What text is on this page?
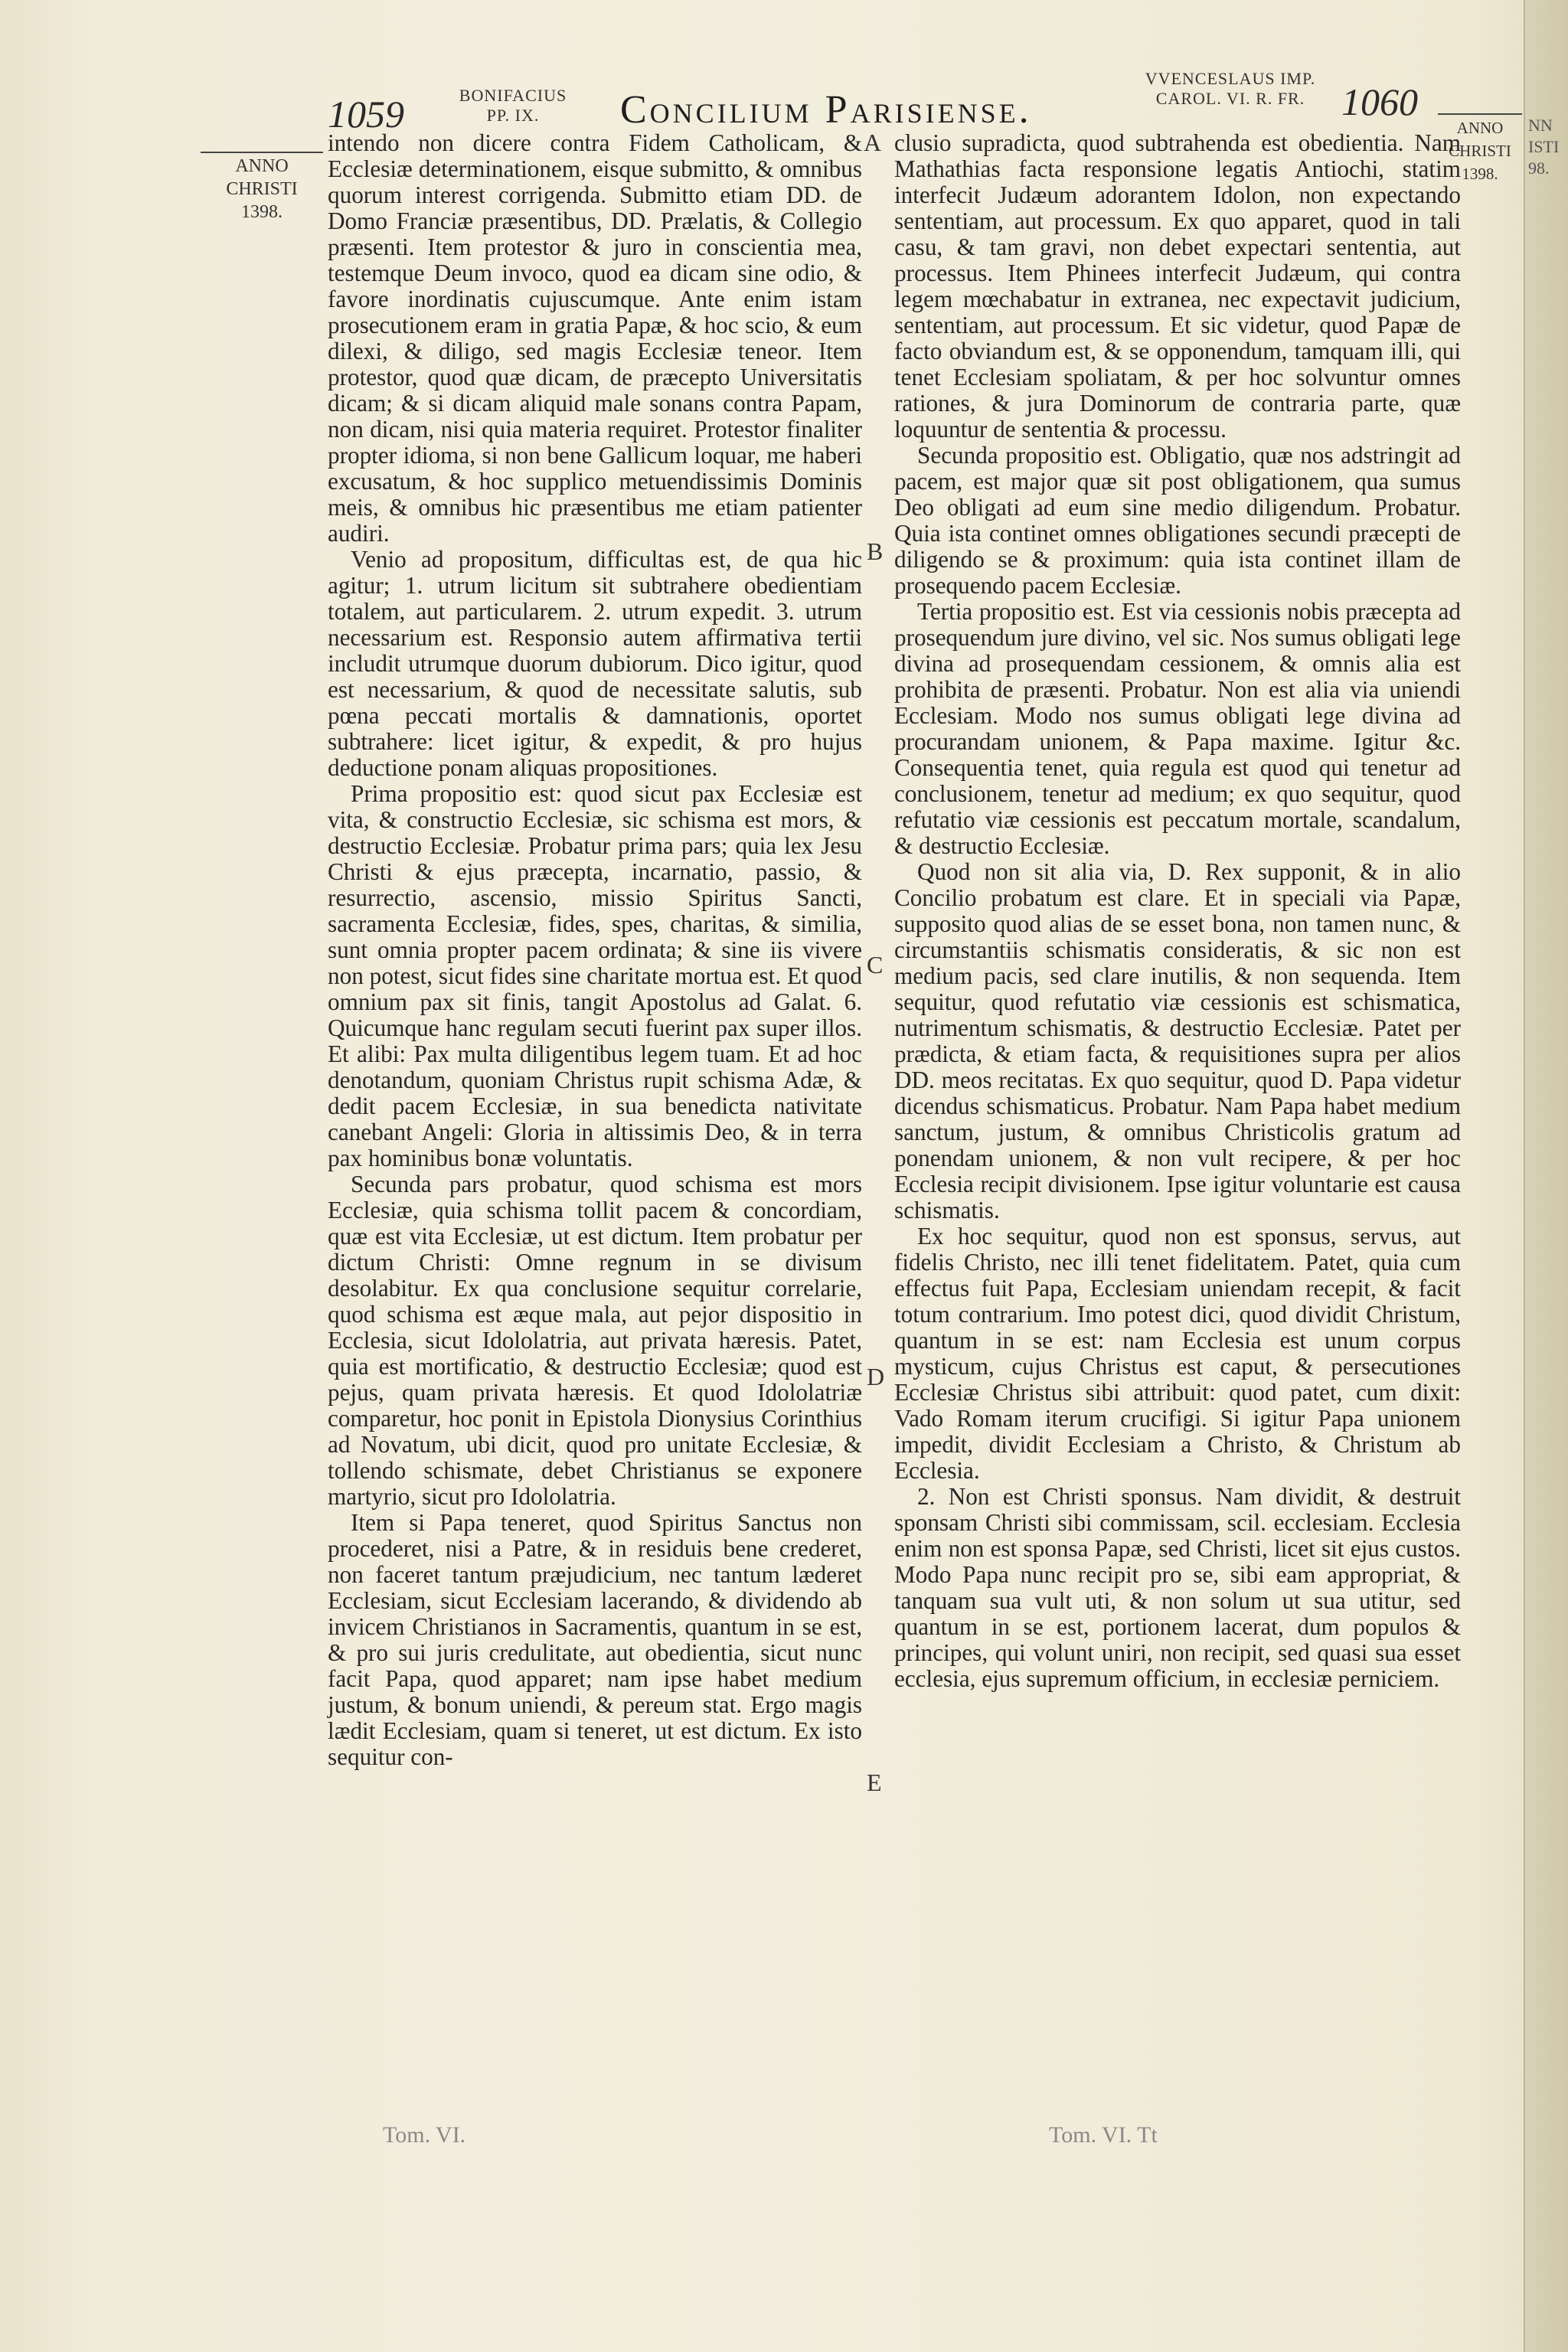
NN
ISTI
98.
1059	BONIFACIUS
PP. IX.	Concilium Parisiense.
VVENCESLAUS IMP.
CAROL. VI. R. FR. 1060
ANNO
CHRISTI
1398.
ANNO
CHRISTI
1398.
A
B
C
D
E

intendo non dicere contra Fidem Catholicam, & Ecclesiæ determinationem, eisque submitto, & omnibus quorum interest corrigenda. Submitto etiam DD. de Domo Franciæ præsentibus, DD. Prælatis, & Collegio præsenti. Item protestor & juro in conscientia mea, testemque Deum invoco, quod ea dicam sine odio, & favore inordinatis cujuscumque. Ante enim istam prosecutionem eram in gratia Papæ, & hoc scio, & eum dilexi, & diligo, sed magis Ecclesiæ teneor. Item protestor, quod quæ dicam, de præcepto Universitatis dicam; & si dicam aliquid male sonans contra Papam, non dicam, nisi quia materia requiret. Protestor finaliter propter idioma, si non bene Gallicum loquar, me haberi excusatum, & hoc supplico metuendissimis Dominis meis, & omnibus hic præsentibus me etiam patienter audiri.

Venio ad propositum, difficultas est, de qua hic agitur; 1. utrum licitum sit subtrahere obedientiam totalem, aut particularem. 2. utrum expedit. 3. utrum necessarium est. Responsio autem affirmativa tertii includit utrumque duorum dubiorum. Dico igitur, quod est necessarium, & quod de necessitate salutis, sub pœna peccati mortalis & damnationis, oportet subtrahere: licet igitur, & expedit, & pro hujus deductione ponam aliquas propositiones.

Prima propositio est: quod sicut pax Ecclesiæ est vita, & constructio Ecclesiæ, sic schisma est mors, & destructio Ecclesiæ. Probatur prima pars; quia lex Jesu Christi & ejus præcepta, incarnatio, passio, & resurrectio, ascensio, missio Spiritus Sancti, sacramenta Ecclesiæ, fides, spes, charitas, & similia, sunt omnia propter pacem ordinata; & sine iis vivere non potest, sicut fides sine charitate mortua est. Et quod omnium pax sit finis, tangit Apostolus ad Galat. 6. Quicumque hanc regulam secuti fuerint pax super illos. Et alibi: Pax multa diligentibus legem tuam. Et ad hoc denotandum, quoniam Christus rupit schisma Adæ, & dedit pacem Ecclesiæ, in sua benedicta nativitate canebant Angeli: Gloria in altissimis Deo, & in terra pax hominibus bonæ voluntatis.

Secunda pars probatur, quod schisma est mors Ecclesiæ, quia schisma tollit pacem & concordiam, quæ est vita Ecclesiæ, ut est dictum. Item probatur per dictum Christi: Omne regnum in se divisum desolabitur. Ex qua conclusione sequitur correlarie, quod schisma est æque mala, aut pejor dispositio in Ecclesia, sicut Idololatria, aut privata hæresis. Patet, quia est mortificatio, & destructio Ecclesiæ; quod est pejus, quam privata hæresis. Et quod Idololatriæ comparetur, hoc ponit in Epistola Dionysius Corinthius ad Novatum, ubi dicit, quod pro unitate Ecclesiæ, & tollendo schismate, debet Christianus se exponere martyrio, sicut pro Idololatria.

Item si Papa teneret, quod Spiritus Sanctus non procederet, nisi a Patre, & in residuis bene crederet, non faceret tantum præjudicium, nec tantum læderet Ecclesiam, sicut Ecclesiam lacerando, & dividendo ab invicem Christianos in Sacramentis, quantum in se est, & pro sui juris credulitate, aut obedientia, sicut nunc facit Papa, quod apparet; nam ipse habet medium justum, & bonum uniendi, & pereum stat. Ergo magis lædit Ecclesiam, quam si teneret, ut est dictum. Ex isto sequitur con-

clusio supradicta, quod subtrahenda est obedientia. Nam Mathathias facta responsione legatis Antiochi, statim interfecit Judæum adorantem Idolon, non expectando sententiam, aut processum. Ex quo apparet, quod in tali casu, & tam gravi, non debet expectari sententia, aut processus. Item Phinees interfecit Judæum, qui contra legem mœchabatur in extranea, nec expectavit judicium, sententiam, aut processum. Et sic videtur, quod Papæ de facto obviandum est, & se opponendum, tamquam illi, qui tenet Ecclesiam spoliatam, & per hoc solvuntur omnes rationes, & jura Dominorum de contraria parte, quæ loquuntur de sententia & processu.

Secunda propositio est. Obligatio, quæ nos adstringit ad pacem, est major quæ sit post obligationem, qua sumus Deo obligati ad eum sine medio diligendum. Probatur. Quia ista continet omnes obligationes secundi præcepti de diligendo se & proximum: quia ista continet illam de prosequendo pacem Ecclesiæ.

Tertia propositio est. Est via cessionis nobis præcepta ad prosequendum jure divino, vel sic. Nos sumus obligati lege divina ad prosequendam cessionem, & omnis alia est prohibita de præsenti. Probatur. Non est alia via uniendi Ecclesiam. Modo nos sumus obligati lege divina ad procurandam unionem, & Papa maxime. Igitur &c. Consequentia tenet, quia regula est quod qui tenetur ad conclusionem, tenetur ad medium; ex quo sequitur, quod refutatio viæ cessionis est peccatum mortale, scandalum, & destructio Ecclesiæ.

Quod non sit alia via, D. Rex supponit, & in alio Concilio probatum est clare. Et in speciali via Papæ, supposito quod alias de se esset bona, non tamen nunc, & circumstantiis schismatis consideratis, & sic non est medium pacis, sed clare inutilis, & non sequenda. Item sequitur, quod refutatio viæ cessionis est schismatica, nutrimentum schismatis, & destructio Ecclesiæ. Patet per prædicta, & etiam facta, & requisitiones supra per alios DD. meos recitatas. Ex quo sequitur, quod D. Papa videtur dicendus schismaticus. Probatur. Nam Papa habet medium sanctum, justum, & omnibus Christicolis gratum ad ponendam unionem, & non vult recipere, & per hoc Ecclesia recipit divisionem. Ipse igitur voluntarie est causa schismatis.

Ex hoc sequitur, quod non est sponsus, servus, aut fidelis Christo, nec illi tenet fidelitatem. Patet, quia cum effectus fuit Papa, Ecclesiam uniendam recepit, & facit totum contrarium. Imo potest dici, quod dividit Christum, quantum in se est: nam Ecclesia est unum corpus mysticum, cujus Christus est caput, & persecutiones Ecclesiæ Christus sibi attribuit: quod patet, cum dixit: Vado Romam iterum crucifigi. Si igitur Papa unionem impedit, dividit Ecclesiam a Christo, & Christum ab Ecclesia.

2. Non est Christi sponsus. Nam dividit, & destruit sponsam Christi sibi commissam, scil. ecclesiam. Ecclesia enim non est sponsa Papæ, sed Christi, licet sit ejus custos. Modo Papa nunc recipit pro se, sibi eam appropriat, & tanquam sua vult uti, & non solum ut sua utitur, sed quantum in se est, portionem lacerat, dum populos & principes, qui volunt uniri, non recipit, sed quasi sua esset ecclesia, ejus supremum officium, in ecclesiæ perniciem.

Tom. VI.	Tom. VI. Tt
